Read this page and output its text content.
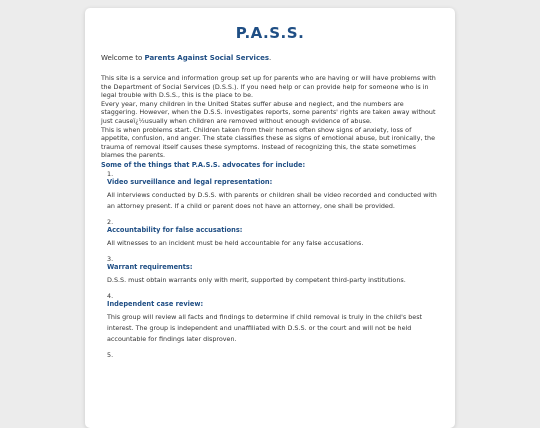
P.A.S.S.
Welcome to Parents Against Social Services.

This site is a service and information group set up for parents who are having or will have problems with the Department of Social Services (D.S.S.). If you need help or can provide help for someone who is in legal trouble with D.S.S., this is the place to be.

Every year, many children in the United States suffer abuse and neglect, and the numbers are staggering. However, when the D.S.S. investigates reports, some parents' rights are taken away without just causeï¿½usually when children are removed without enough evidence of abuse.

This is when problems start. Children taken from their homes often show signs of anxiety, loss of appetite, confusion, and anger. The state classifies these as signs of emotional abuse, but ironically, the trauma of removal itself causes these symptoms. Instead of recognizing this, the state sometimes blames the parents.

Some of the things that P.A.S.S. advocates for include:
1.
Video surveillance and legal representation:
All interviews conducted by D.S.S. with parents or children shall be video recorded and conducted with an attorney present. If a child or parent does not have an attorney, one shall be provided.
2.
Accountability for false accusations:
All witnesses to an incident must be held accountable for any false accusations.
3.
Warrant requirements:
D.S.S. must obtain warrants only with merit, supported by competent third-party institutions.
4.
Independent case review:
This group will review all facts and findings to determine if child removal is truly in the child's best interest. The group is independent and unaffiliated with D.S.S. or the court and will not be held accountable for findings later disproven.
5.
